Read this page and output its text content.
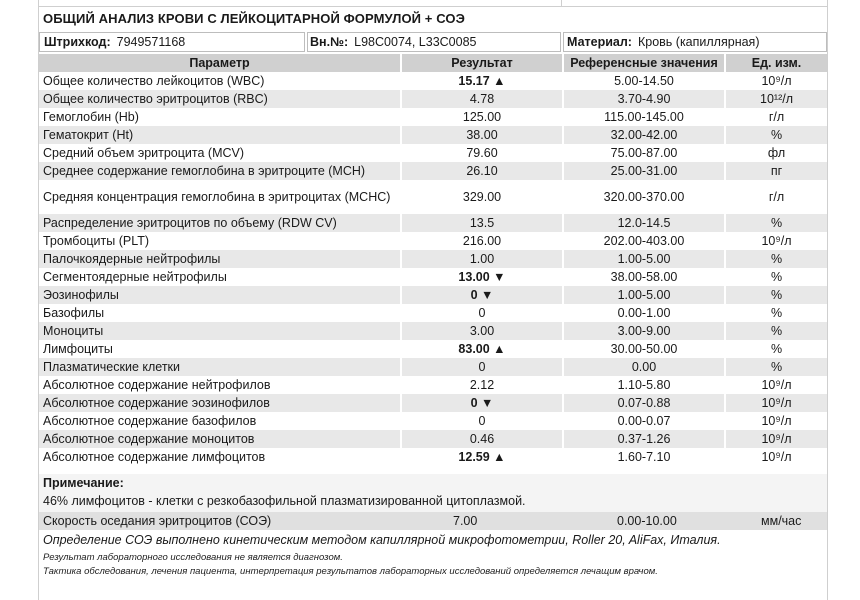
ОБЩИЙ АНАЛИЗ КРОВИ С ЛЕЙКОЦИТАРНОЙ ФОРМУЛОЙ + СОЭ
Штрихкод: 7949571168	Вн.№: L98C0074, L33C0085	Материал: Кровь (капиллярная)
Параметр	Результат	Референсные значения	Ед. изм.
Общее количество лейкоцитов (WBC)	15.17 ▲	5.00-14.50	10⁹/л
Общее количество эритроцитов (RBC)	4.78	3.70-4.90	10¹²/л
Гемоглобин (Hb)	125.00	115.00-145.00	г/л
Гематокрит (Ht)	38.00	32.00-42.00	%
Средний объем эритроцита (MCV)	79.60	75.00-87.00	фл
Среднее содержание гемоглобина в эритроците (MCH)	26.10	25.00-31.00	пг
Средняя концентрация гемоглобина в эритроцитах (MCHC)	329.00	320.00-370.00	г/л
Распределение эритроцитов по объему (RDW CV)	13.5	12.0-14.5	%
Тромбоциты (PLT)	216.00	202.00-403.00	10⁹/л
Палочкоядерные нейтрофилы	1.00	1.00-5.00	%
Сегментоядерные нейтрофилы	13.00 ▼	38.00-58.00	%
Эозинофилы	0 ▼	1.00-5.00	%
Базофилы	0	0.00-1.00	%
Моноциты	3.00	3.00-9.00	%
Лимфоциты	83.00 ▲	30.00-50.00	%
Плазматические клетки	0	0.00	%
Абсолютное содержание нейтрофилов	2.12	1.10-5.80	10⁹/л
Абсолютное содержание эозинофилов	0 ▼	0.07-0.88	10⁹/л
Абсолютное содержание базофилов	0	0.00-0.07	10⁹/л
Абсолютное содержание моноцитов	0.46	0.37-1.26	10⁹/л
Абсолютное содержание лимфоцитов	12.59 ▲	1.60-7.10	10⁹/л
Примечание:
46% лимфоцитов - клетки с резкобазофильной плазматизированной цитоплазмой.
Скорость оседания эритроцитов (СОЭ)	7.00	0.00-10.00	мм/час
Определение СОЭ выполнено кинетическим методом капиллярной микрофотометрии, Roller 20, AliFax, Италия.
Результат лабораторного исследования не является диагнозом.
Тактика обследования, лечения пациента, интерпретация результатов лабораторных исследований определяется лечащим врачом.
